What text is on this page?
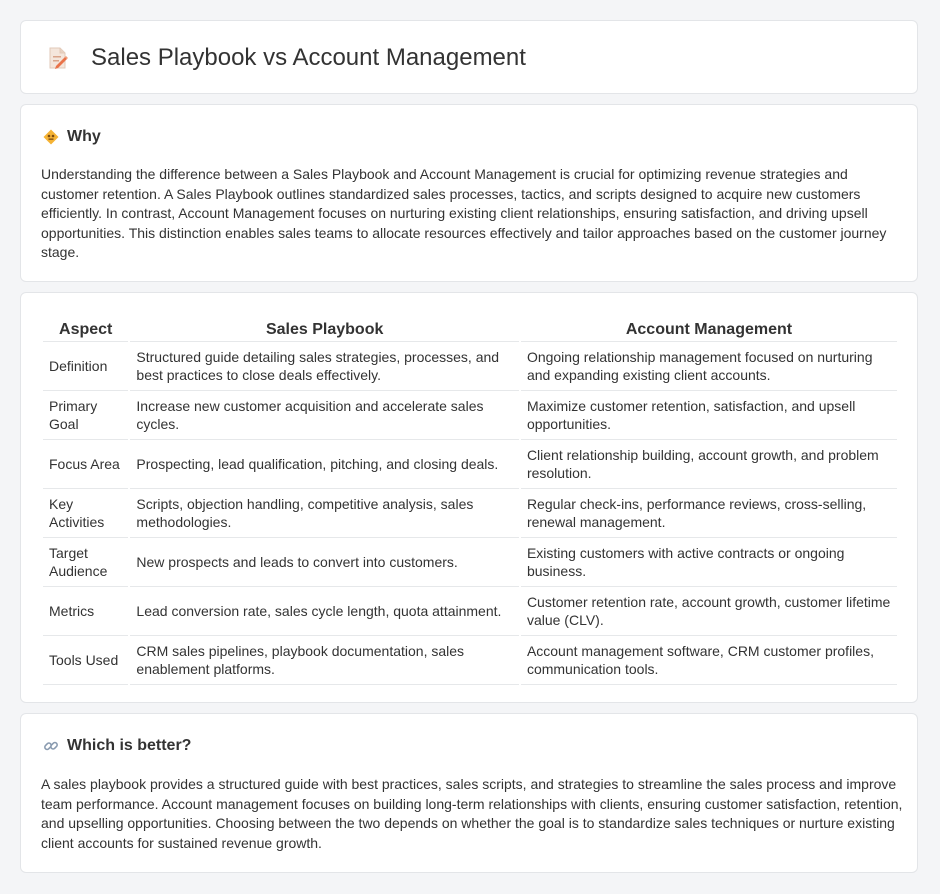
Sales Playbook vs Account Management
Why

Understanding the difference between a Sales Playbook and Account Management is crucial for optimizing revenue strategies and customer retention. A Sales Playbook outlines standardized sales processes, tactics, and scripts designed to acquire new customers efficiently. In contrast, Account Management focuses on nurturing existing client relationships, ensuring satisfaction, and driving upsell opportunities. This distinction enables sales teams to allocate resources effectively and tailor approaches based on the customer journey stage.

Aspect	Sales Playbook	Account Management
Definition	Structured guide detailing sales strategies, processes, and best practices to close deals effectively.	Ongoing relationship management focused on nurturing and expanding existing client accounts.
Primary Goal	Increase new customer acquisition and accelerate sales cycles.	Maximize customer retention, satisfaction, and upsell opportunities.
Focus Area	Prospecting, lead qualification, pitching, and closing deals.	Client relationship building, account growth, and problem resolution.
Key Activities	Scripts, objection handling, competitive analysis, sales methodologies.	Regular check-ins, performance reviews, cross-selling, renewal management.
Target Audience	New prospects and leads to convert into customers.	Existing customers with active contracts or ongoing business.
Metrics	Lead conversion rate, sales cycle length, quota attainment.	Customer retention rate, account growth, customer lifetime value (CLV).
Tools Used	CRM sales pipelines, playbook documentation, sales enablement platforms.	Account management software, CRM customer profiles, communication tools.
Which is better?

A sales playbook provides a structured guide with best practices, sales scripts, and strategies to streamline the sales process and improve team performance. Account management focuses on building long-term relationships with clients, ensuring customer satisfaction, retention, and upselling opportunities. Choosing between the two depends on whether the goal is to standardize sales techniques or nurture existing client accounts for sustained revenue growth.
